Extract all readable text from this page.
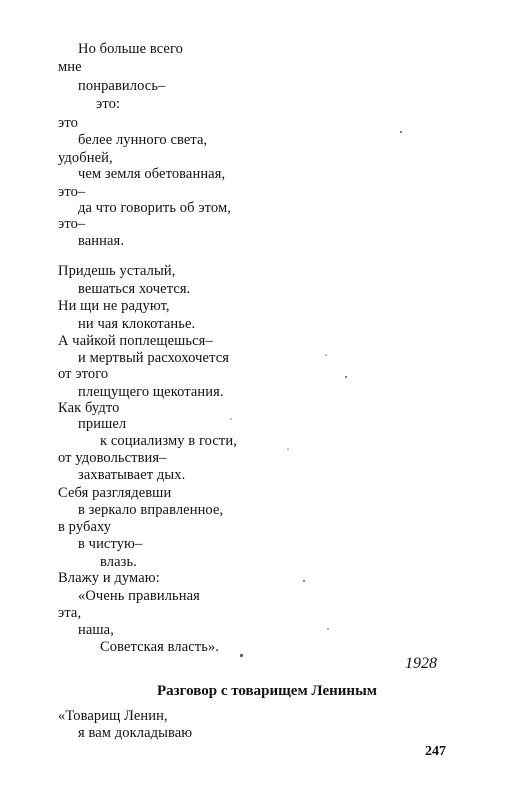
Но больше всего
мне
понравилось–
это:
это
белее лунного света,
удобней,
чем земля обетованная,
это–
да что говорить об этом,
это–
ванная.
Придешь усталый,
вешаться хочется.
Ни щи не радуют,
ни чая клокотанье.
А чайкой поплещешься–
и мертвый расхохочется
от этого
плещущего щекотания.
Как будто
пришел
к социализму в гости,
от удовольствия–
захватывает дых.
Себя разглядевши
в зеркало вправленное,
в рубаху
в чистую–
влазь.
Влажу и думаю:
«Очень правильная
эта,
наша,
Советская власть».
1928
Разговор с товарищем Лениным
«Товарищ Ленин,
я вам докладываю
247
